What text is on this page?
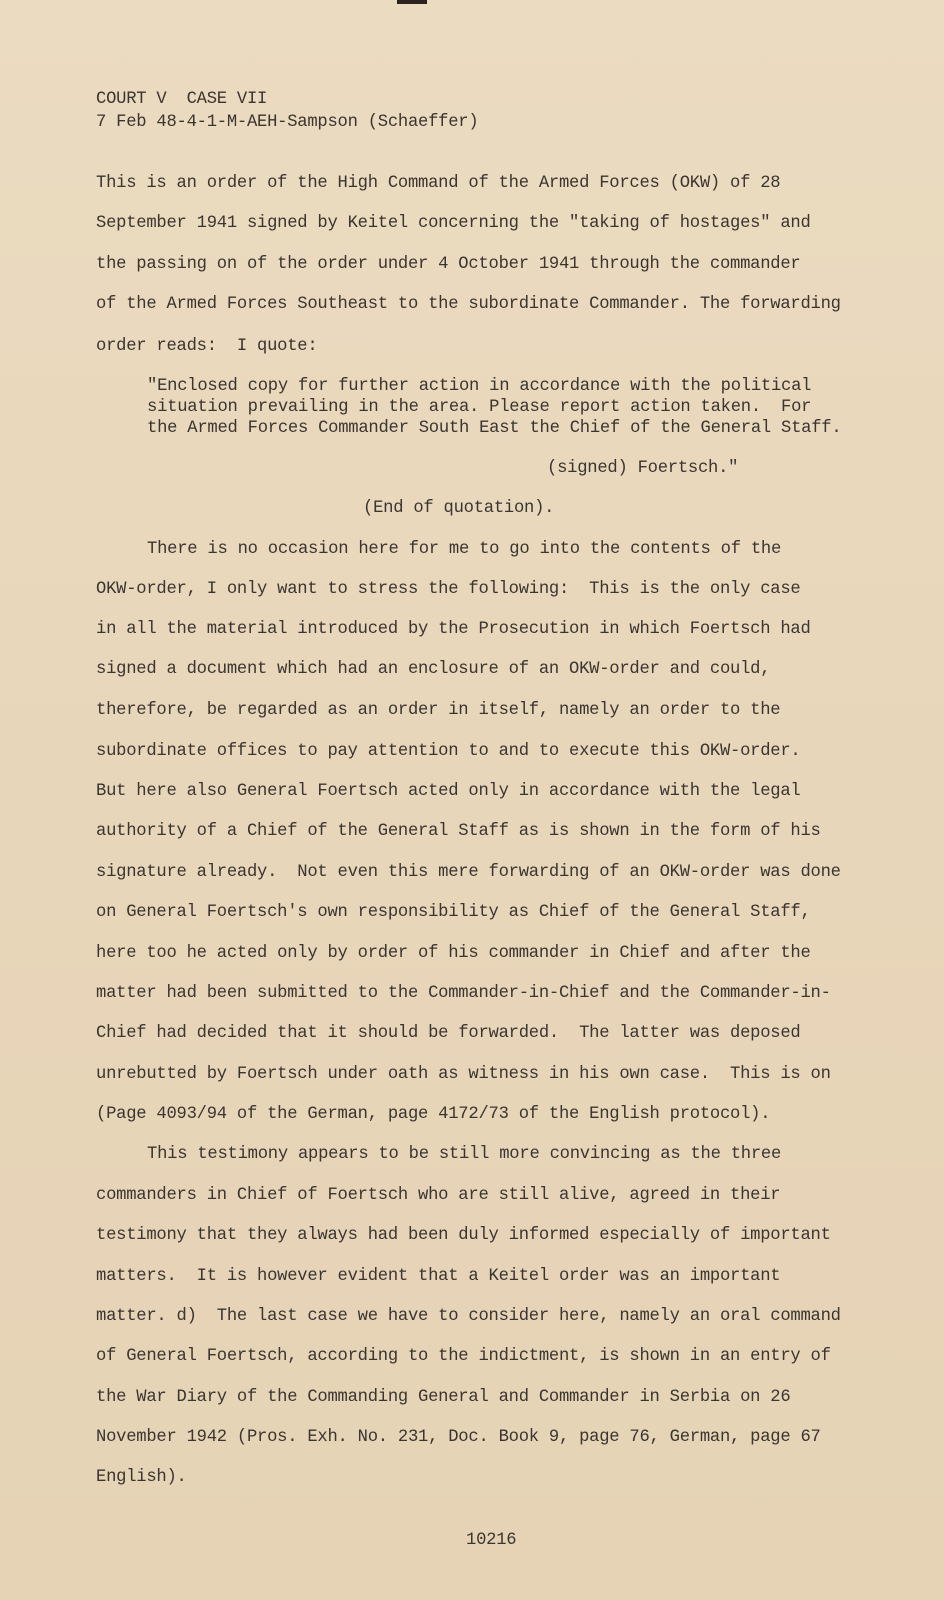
COURT V  CASE VII
7 Feb 48-4-1-M-AEH-Sampson (Schaeffer)
This is an order of the High Command of the Armed Forces (OKW) of 28
September 1941 signed by Keitel concerning the "taking of hostages" and
the passing on of the order under 4 October 1941 through the commander
of the Armed Forces Southeast to the subordinate Commander. The forwarding
order reads:  I quote:
"Enclosed copy for further action in accordance with the political
situation prevailing in the area. Please report action taken.  For
the Armed Forces Commander South East the Chief of the General Staff.
(signed) Foertsch."
(End of quotation).
There is no occasion here for me to go into the contents of the
OKW-order, I only want to stress the following:  This is the only case
in all the material introduced by the Prosecution in which Foertsch had
signed a document which had an enclosure of an OKW-order and could,
therefore, be regarded as an order in itself, namely an order to the
subordinate offices to pay attention to and to execute this OKW-order.
But here also General Foertsch acted only in accordance with the legal
authority of a Chief of the General Staff as is shown in the form of his
signature already.  Not even this mere forwarding of an OKW-order was done
on General Foertsch's own responsibility as Chief of the General Staff,
here too he acted only by order of his commander in Chief and after the
matter had been submitted to the Commander-in-Chief and the Commander-in-
Chief had decided that it should be forwarded.  The latter was deposed
unrebutted by Foertsch under oath as witness in his own case.  This is on
(Page 4093/94 of the German, page 4172/73 of the English protocol).
This testimony appears to be still more convincing as the three
commanders in Chief of Foertsch who are still alive, agreed in their
testimony that they always had been duly informed especially of important
matters.  It is however evident that a Keitel order was an important
matter. d)  The last case we have to consider here, namely an oral command
of General Foertsch, according to the indictment, is shown in an entry of
the War Diary of the Commanding General and Commander in Serbia on 26
November 1942 (Pros. Exh. No. 231, Doc. Book 9, page 76, German, page 67
English).
10216
